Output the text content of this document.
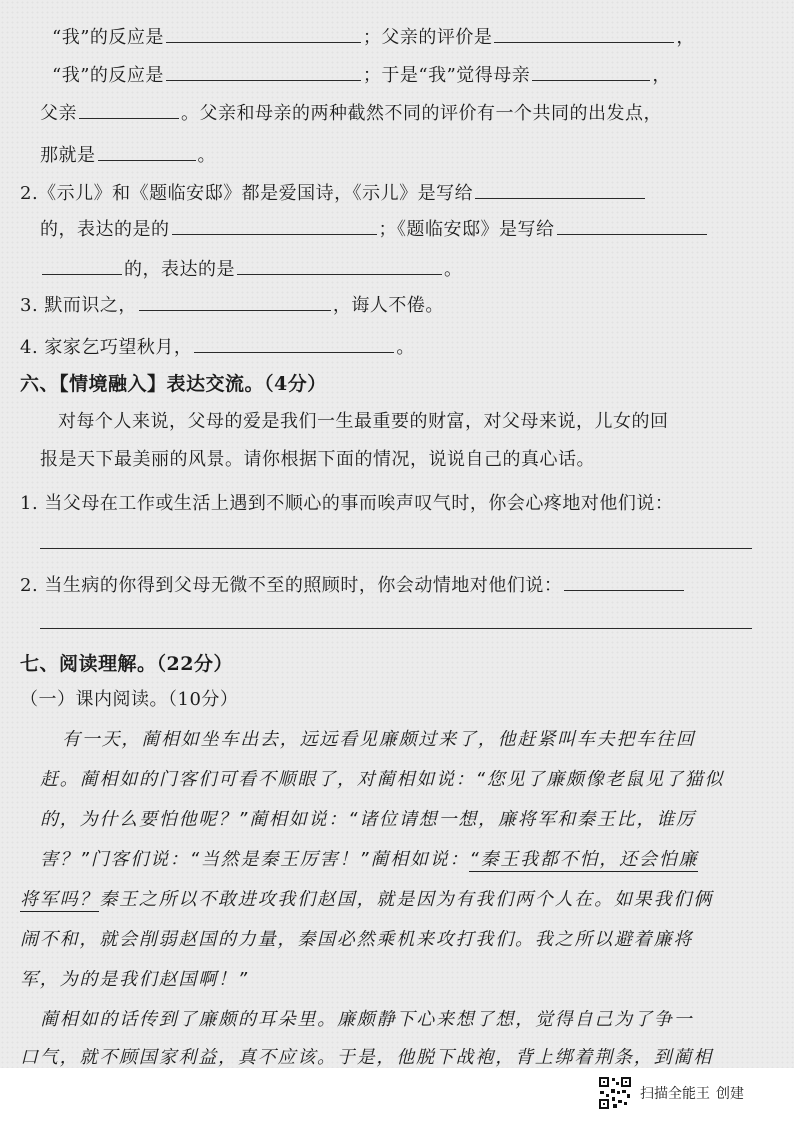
“我”的反应是	；父亲的评价是	，
“我”的反应是	；于是“我”觉得母亲	，
父亲	。父亲和母亲的两种截然不同的评价有一个共同的出发点，
那就是	。
2.《示儿》和《题临安邸》都是爱国诗，《示儿》是写给
的，表达的是的	；《题临安邸》是写给
的，表达的是	。
3. 默而识之，	，诲人不倦。
4. 家家乞巧望秋月，	。
六、【情境融入】表达交流。（4分）
对每个人来说，父母的爱是我们一生最重要的财富，对父母来说，儿女的回
报是天下最美丽的风景。请你根据下面的情况，说说自己的真心话。
1. 当父母在工作或生活上遇到不顺心的事而唉声叹气时，你会心疼地对他们说：
2. 当生病的你得到父母无微不至的照顾时，你会动情地对他们说：
七、阅读理解。（22分）
（一）课内阅读。（10分）
有一天，蔺相如坐车出去，远远看见廉颇过来了，他赶紧叫车夫把车往回
赶。蔺相如的门客们可看不顺眼了，对蔺相如说：“您见了廉颇像老鼠见了猫似
的，为什么要怕他呢？”蔺相如说：“诸位请想一想，廉将军和秦王比，谁厉
害？”门客们说：“当然是秦王厉害！”蔺相如说：“秦王我都不怕，还会怕廉
将军吗？秦王之所以不敢进攻我们赵国，就是因为有我们两个人在。如果我们俩
闹不和，就会削弱赵国的力量，秦国必然乘机来攻打我们。我之所以避着廉将
军，为的是我们赵国啊！”
蔺相如的话传到了廉颇的耳朵里。廉颇静下心来想了想，觉得自己为了争一
口气，就不顾国家利益，真不应该。于是，他脱下战袍，背上绑着荆条，到蔺相
扫描全能王 创建
